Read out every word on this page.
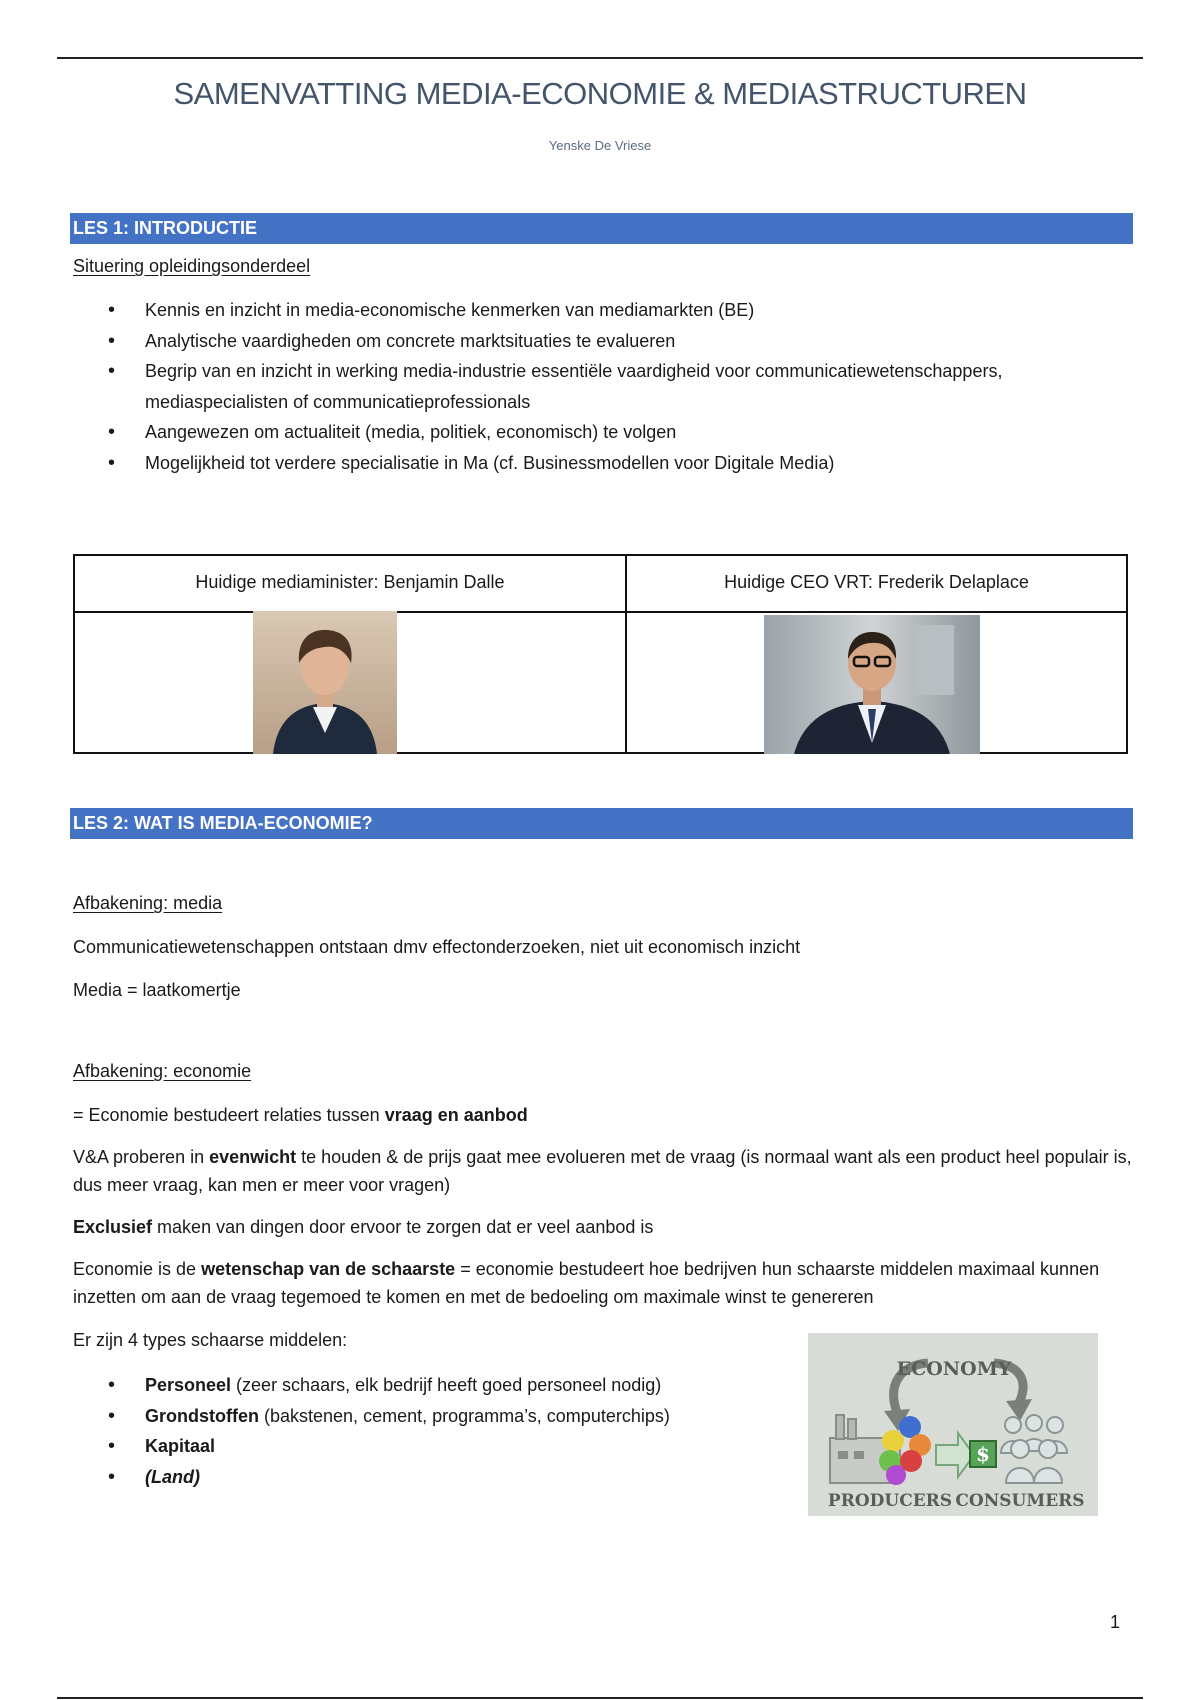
SAMENVATTING MEDIA-ECONOMIE & MEDIASTRUCTUREN
Yenske De Vriese
LES 1: INTRODUCTIE
Situering opleidingsonderdeel
• Kennis en inzicht in media-economische kenmerken van mediamarkten (BE)
• Analytische vaardigheden om concrete marktsituaties te evalueren
• Begrip van en inzicht in werking media-industrie essentiële vaardigheid voor communicatiewetenschappers, mediaspecialisten of communicatieprofessionals
• Aangewezen om actualiteit (media, politiek, economisch) te volgen
• Mogelijkheid tot verdere specialisatie in Ma (cf. Businessmodellen voor Digitale Media)
Huidige mediaminister: Benjamin Dalle	Huidige CEO VRT: Frederik Delaplace
LES 2: WAT IS MEDIA-ECONOMIE?
Afbakening: media

Communicatiewetenschappen ontstaan dmv effectonderzoeken, niet uit economisch inzicht

Media = laatkomertje

Afbakening: economie

= Economie bestudeert relaties tussen vraag en aanbod

V&A proberen in evenwicht te houden & de prijs gaat mee evolueren met de vraag (is normaal want als een product heel populair is, dus meer vraag, kan men er meer voor vragen)

Exclusief maken van dingen door ervoor te zorgen dat er veel aanbod is

Economie is de wetenschap van de schaarste = economie bestudeert hoe bedrijven hun schaarste middelen maximaal kunnen inzetten om aan de vraag tegemoed te komen en met de bedoeling om maximale winst te genereren

Er zijn 4 types schaarse middelen:

• Personeel (zeer schaars, elk bedrijf heeft goed personeel nodig)
• Grondstoffen (bakstenen, cement, programma’s, computerchips)
• Kapitaal
• (Land)
$
ECONOMY
PRODUCERS CONSUMERS
1
